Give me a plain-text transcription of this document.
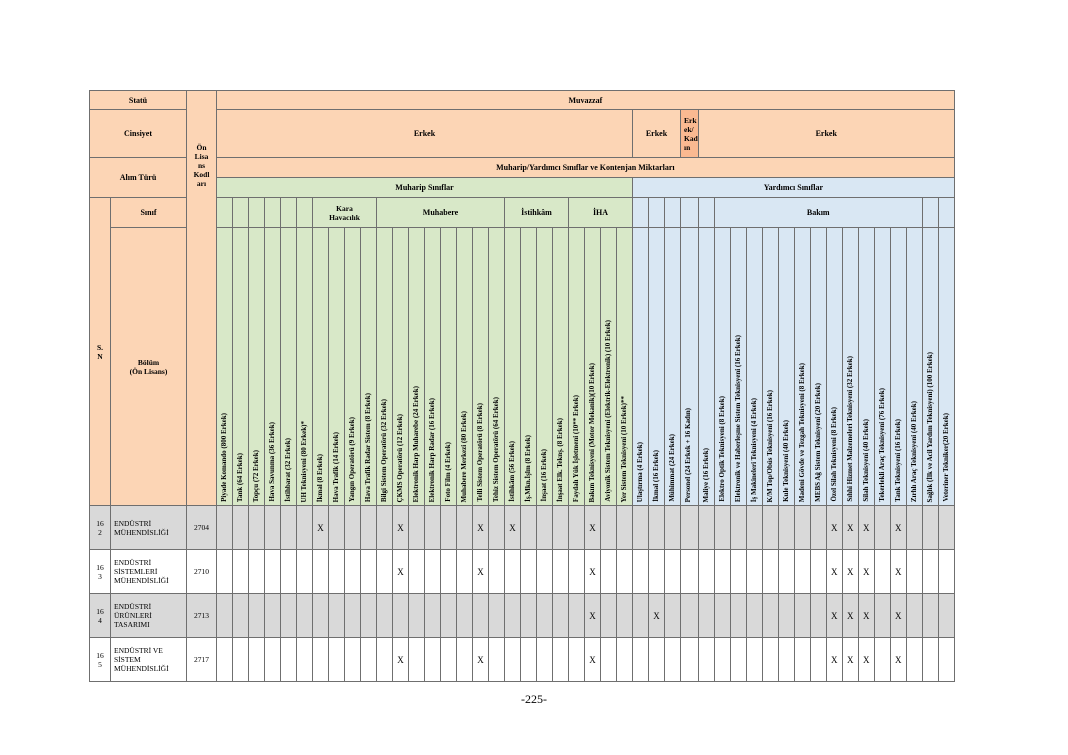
Statü		Ön
Lisa
ns
Kodl
arı	Muvazzaf																																													
Cinsiyet			Erkek																										Erkek			Erk
ek/
Kad
ın	Erkek															
Alım Türü			Muharip/Yardımcı Sınıflar ve Kontenjan Miktarları																																													
			Muharip Sınıflar																										Yardımcı Sınıflar																			

S.
N	Sınıf								Kara
Havacılık				Muhabere								İstihkâm				İHA									Bakım														

	Bölüm
(Ön Lisans)		Piyade Komando (800 Erkek)	Tank (64 Erkek)	Topçu (72 Erkek)	Hava Savunma (36 Erkek)	İstihbarat (32 Erkek)	UH Teknisyeni (80 Erkek)*	İkmal (8 Erkek)	Hava Trafik (14 Erkek)	Yangın Operatörü (9 Erkek)	Hava Trafik Radar Sistem (8 Erkek)	Bilgi Sistem Operatörü (32 Erkek)	ÇKMS Operatörü (12 Erkek)	Elektronik Harp Muharebe (24 Erkek)	Elektronik Harp Radar (16 Erkek)	Foto Film (4 Erkek)	Muhabere Merkezi (80 Erkek)	Telli Sistem Operatörü (8 Erkek)	Tehiz Sistem Operatörü (64 Erkek)	İstihkâm (56 Erkek)	İş.Mkn.İşlm (8 Erkek)	İnşaat (16 Erkek)	İnşaat Elk. Teknş. (8 Erkek)	Faydalı Yük İşletmeni (10** Erkek)	Bakım Teknisyeni (Motor Mekanik)(10 Erkek)	Aviyonik Sistem Teknisyeni (Elektrik-Elektronik) (10 Erkek)	Yer Sistem Teknisyeni (10 Erkek)**	Ulaştırma (4 Erkek)	İkmal (16 Erkek)	Mühimmat (24 Erkek)	Personel (24 Erkek + 16 Kadın)	Maliye (16 Erkek)	Elektro Optik Teknisyeni (8 Erkek)	Elektronik ve Haberleşme Sistem Teknisyeni (16 Erkek)	İş Makineleri Teknisyeni (4 Erkek)	K/M Top/Obüs Teknisyeni (16 Erkek)	Kule Teknisyeni (40 Erkek)	Madeni Gövde ve Tezgah Teknisyeni (8 Erkek)	MEBS Ağ Sistem Teknisyeni (20 Erkek)	Özel Silah Teknisyeni (8 Erkek)	Sıhhi Hizmet Malzemeleri Teknisyeni (32 Erkek)	Silah Teknisyeni (40 Erkek)	Tekerlekli Araç Teknisyeni (76 Erkek)	Tank Teknisyeni (16 Erkek)	Zırhlı Araç Teknisyeni (40 Erkek)	Sağlık (İlk ve Acil Yardım Teknisyeni) (100 Erkek)	Veteriner Tekniker(20 Erkek)

16
2	ENDÜSTRİ
MÜHENDİSLİĞİ	2704							X					X					X		X					X															X	X	X		X			
16
3	ENDÜSTRİ
SİSTEMLERİ
MÜHENDİSLİĞİ	2710												X					X							X															X	X	X		X			
16
4	ENDÜSTRİ
ÜRÜNLERİ
TASARIMI	2713																								X				X											X	X	X		X			
16
5	ENDÜSTRİ VE
SİSTEM
MÜHENDİSLİĞİ	2717												X					X							X															X	X	X		X			
-225-
